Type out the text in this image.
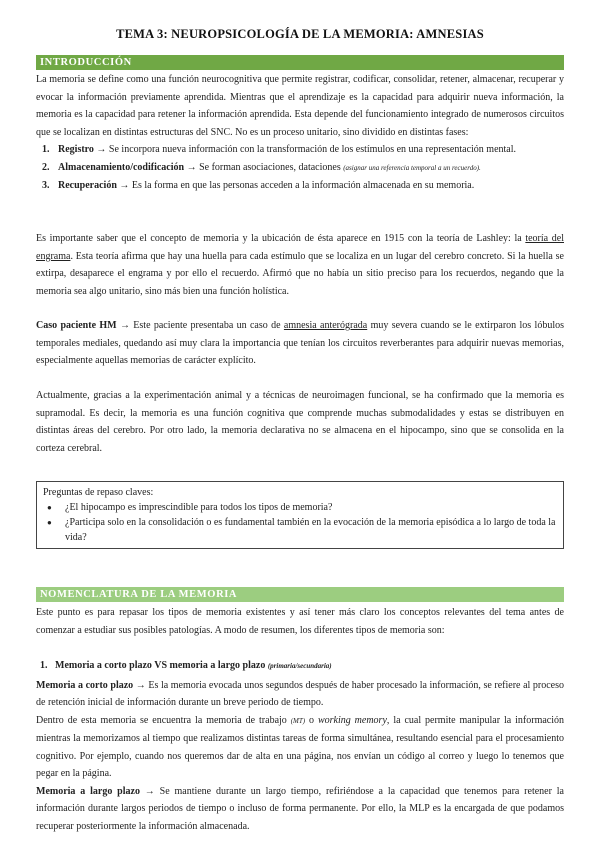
TEMA 3: NEUROPSICOLOGÍA DE LA MEMORIA: AMNESIAS
INTRODUCCIÓN

La memoria se define como una función neurocognitiva que permite registrar, codificar, consolidar, retener, almacenar, recuperar y evocar la información previamente aprendida. Mientras que el aprendizaje es la capacidad para adquirir nueva información, la memoria es la capacidad para retener la información aprendida. Esta depende del funcionamiento integrado de numerosos circuitos que se localizan en distintas estructuras del SNC. No es un proceso unitario, sino dividido en distintas fases:

1. Registro → Se incorpora nueva información con la transformación de los estímulos en una representación mental.
2. Almacenamiento/codificación → Se forman asociaciones, dataciones (asignar una referencia temporal a un recuerdo).
3. Recuperación → Es la forma en que las personas acceden a la información almacenada en su memoria.

Es importante saber que el concepto de memoria y la ubicación de ésta aparece en 1915 con la teoría de Lashley: la teoría del engrama. Esta teoría afirma que hay una huella para cada estímulo que se localiza en un lugar del cerebro concreto. Si la huella se extirpa, desaparece el engrama y por ello el recuerdo. Afirmó que no había un sitio preciso para los recuerdos, negando que la memoria sea algo unitario, sino más bien una función holística.

Caso paciente HM → Este paciente presentaba un caso de amnesia anterógrada muy severa cuando se le extirparon los lóbulos temporales mediales, quedando así muy clara la importancia que tenían los circuitos reverberantes para adquirir nuevas memorias, especialmente aquellas memorias de carácter explícito.

Actualmente, gracias a la experimentación animal y a técnicas de neuroimagen funcional, se ha confirmado que la memoria es supramodal. Es decir, la memoria es una función cognitiva que comprende muchas submodalidades y estas se distribuyen en distintas áreas del cerebro. Por otro lado, la memoria declarativa no se almacena en el hipocampo, sino que se consolida en la corteza cerebral.

Preguntas de repaso claves:
● ¿El hipocampo es imprescindible para todos los tipos de memoria?
● ¿Participa solo en la consolidación o es fundamental también en la evocación de la memoria episódica a lo largo de toda la vida?
NOMENCLATURA DE LA MEMORIA

Este punto es para repasar los tipos de memoria existentes y así tener más claro los conceptos relevantes del tema antes de comenzar a estudiar sus posibles patologías. A modo de resumen, los diferentes tipos de memoria son:

1. Memoria a corto plazo VS memoria a largo plazo (primaria/secundaria)

Memoria a corto plazo → Es la memoria evocada unos segundos después de haber procesado la información, se refiere al proceso de retención inicial de información durante un breve periodo de tiempo.

Dentro de esta memoria se encuentra la memoria de trabajo (MT) o working memory, la cual permite manipular la información mientras la memorizamos al tiempo que realizamos distintas tareas de forma simultánea, resultando esencial para el procesamiento cognitivo. Por ejemplo, cuando nos queremos dar de alta en una página, nos envían un código al correo y luego lo tenemos que pegar en la página.

Memoria a largo plazo → Se mantiene durante un largo tiempo, refiriéndose a la capacidad que tenemos para retener la información durante largos periodos de tiempo o incluso de forma permanente. Por ello, la MLP es la encargada de que podamos recuperar posteriormente la información almacenada.
